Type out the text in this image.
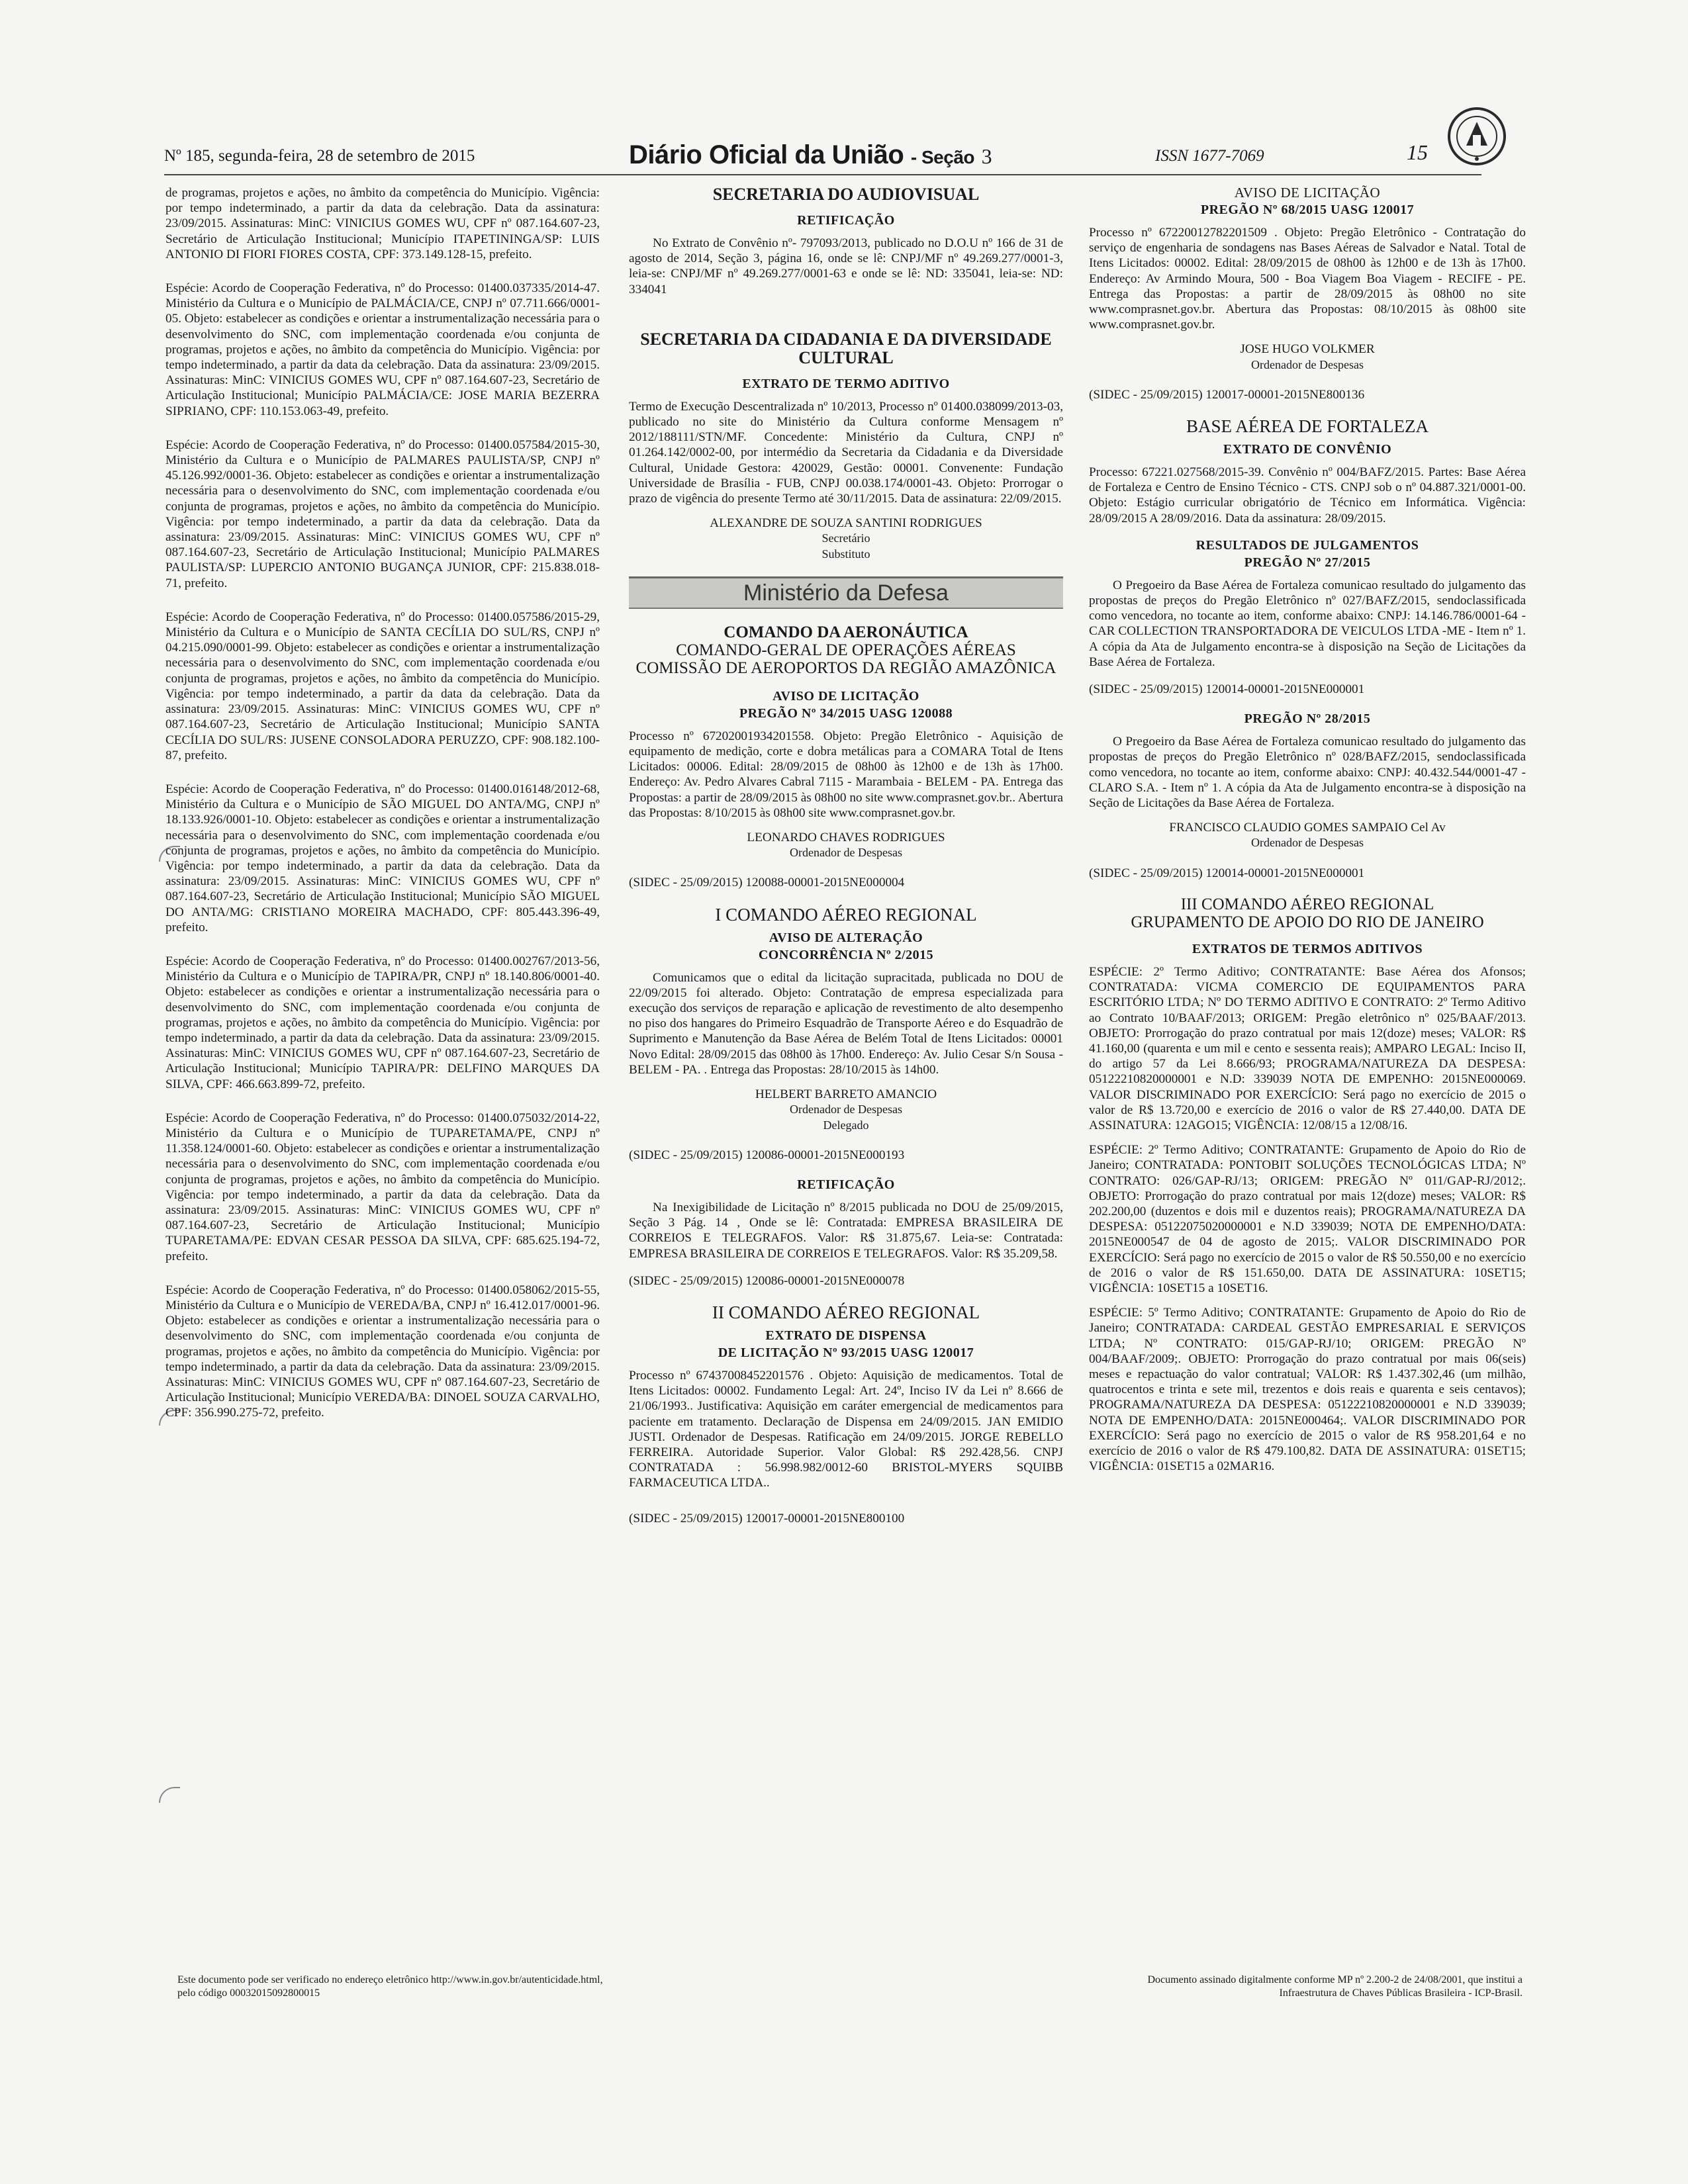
Nº 185, segunda-feira, 28 de setembro de 2015	Diário Oficial da União - Seção 3	ISSN 1677-7069	15

de programas, projetos e ações, no âmbito da competência do Município. Vigência: por tempo indeterminado, a partir da data da celebração. Data da assinatura: 23/09/2015. Assinaturas: MinC: VINICIUS GOMES WU, CPF nº 087.164.607-23, Secretário de Articulação Institucional; Município ITAPETININGA/SP: LUIS ANTONIO DI FIORI FIORES COSTA, CPF: 373.149.128-15, prefeito.

Espécie: Acordo de Cooperação Federativa, nº do Processo: 01400.037335/2014-47. Ministério da Cultura e o Município de PALMÁCIA/CE, CNPJ nº 07.711.666/0001-05. Objeto: estabelecer as condições e orientar a instrumentalização necessária para o desenvolvimento do SNC, com implementação coordenada e/ou conjunta de programas, projetos e ações, no âmbito da competência do Município. Vigência: por tempo indeterminado, a partir da data da celebração. Data da assinatura: 23/09/2015. Assinaturas: MinC: VINICIUS GOMES WU, CPF nº 087.164.607-23, Secretário de Articulação Institucional; Município PALMÁCIA/CE: JOSE MARIA BEZERRA SIPRIANO, CPF: 110.153.063-49, prefeito.

Espécie: Acordo de Cooperação Federativa, nº do Processo: 01400.057584/2015-30, Ministério da Cultura e o Município de PALMARES PAULISTA/SP, CNPJ nº 45.126.992/0001-36. Objeto: estabelecer as condições e orientar a instrumentalização necessária para o desenvolvimento do SNC, com implementação coordenada e/ou conjunta de programas, projetos e ações, no âmbito da competência do Município. Vigência: por tempo indeterminado, a partir da data da celebração. Data da assinatura: 23/09/2015. Assinaturas: MinC: VINICIUS GOMES WU, CPF nº 087.164.607-23, Secretário de Articulação Institucional; Município PALMARES PAULISTA/SP: LUPERCIO ANTONIO BUGANÇA JUNIOR, CPF: 215.838.018-71, prefeito.

Espécie: Acordo de Cooperação Federativa, nº do Processo: 01400.057586/2015-29, Ministério da Cultura e o Município de SANTA CECÍLIA DO SUL/RS, CNPJ nº 04.215.090/0001-99. Objeto: estabelecer as condições e orientar a instrumentalização necessária para o desenvolvimento do SNC, com implementação coordenada e/ou conjunta de programas, projetos e ações, no âmbito da competência do Município. Vigência: por tempo indeterminado, a partir da data da celebração. Data da assinatura: 23/09/2015. Assinaturas: MinC: VINICIUS GOMES WU, CPF nº 087.164.607-23, Secretário de Articulação Institucional; Município SANTA CECÍLIA DO SUL/RS: JUSENE CONSOLADORA PERUZZO, CPF: 908.182.100-87, prefeito.

Espécie: Acordo de Cooperação Federativa, nº do Processo: 01400.016148/2012-68, Ministério da Cultura e o Município de SÃO MIGUEL DO ANTA/MG, CNPJ nº 18.133.926/0001-10. Objeto: estabelecer as condições e orientar a instrumentalização necessária para o desenvolvimento do SNC, com implementação coordenada e/ou conjunta de programas, projetos e ações, no âmbito da competência do Município. Vigência: por tempo indeterminado, a partir da data da celebração. Data da assinatura: 23/09/2015. Assinaturas: MinC: VINICIUS GOMES WU, CPF nº 087.164.607-23, Secretário de Articulação Institucional; Município SÃO MIGUEL DO ANTA/MG: CRISTIANO MOREIRA MACHADO, CPF: 805.443.396-49, prefeito.

Espécie: Acordo de Cooperação Federativa, nº do Processo: 01400.002767/2013-56, Ministério da Cultura e o Município de TAPIRA/PR, CNPJ nº 18.140.806/0001-40. Objeto: estabelecer as condições e orientar a instrumentalização necessária para o desenvolvimento do SNC, com implementação coordenada e/ou conjunta de programas, projetos e ações, no âmbito da competência do Município. Vigência: por tempo indeterminado, a partir da data da celebração. Data da assinatura: 23/09/2015. Assinaturas: MinC: VINICIUS GOMES WU, CPF nº 087.164.607-23, Secretário de Articulação Institucional; Município TAPIRA/PR: DELFINO MARQUES DA SILVA, CPF: 466.663.899-72, prefeito.

Espécie: Acordo de Cooperação Federativa, nº do Processo: 01400.075032/2014-22, Ministério da Cultura e o Município de TUPARETAMA/PE, CNPJ nº 11.358.124/0001-60. Objeto: estabelecer as condições e orientar a instrumentalização necessária para o desenvolvimento do SNC, com implementação coordenada e/ou conjunta de programas, projetos e ações, no âmbito da competência do Município. Vigência: por tempo indeterminado, a partir da data da celebração. Data da assinatura: 23/09/2015. Assinaturas: MinC: VINICIUS GOMES WU, CPF nº 087.164.607-23, Secretário de Articulação Institucional; Município TUPARETAMA/PE: EDVAN CESAR PESSOA DA SILVA, CPF: 685.625.194-72, prefeito.

Espécie: Acordo de Cooperação Federativa, nº do Processo: 01400.058062/2015-55, Ministério da Cultura e o Município de VEREDA/BA, CNPJ nº 16.412.017/0001-96. Objeto: estabelecer as condições e orientar a instrumentalização necessária para o desenvolvimento do SNC, com implementação coordenada e/ou conjunta de programas, projetos e ações, no âmbito da competência do Município. Vigência: por tempo indeterminado, a partir da data da celebração. Data da assinatura: 23/09/2015. Assinaturas: MinC: VINICIUS GOMES WU, CPF nº 087.164.607-23, Secretário de Articulação Institucional; Município VEREDA/BA: DINOEL SOUZA CARVALHO, CPF: 356.990.275-72, prefeito.

SECRETARIA DO AUDIOVISUAL
RETIFICAÇÃO

No Extrato de Convênio nº- 797093/2013, publicado no D.O.U nº 166 de 31 de agosto de 2014, Seção 3, página 16, onde se lê: CNPJ/MF nº 49.269.277/0001-3, leia-se: CNPJ/MF nº 49.269.277/0001-63 e onde se lê: ND: 335041, leia-se: ND: 334041

SECRETARIA DA CIDADANIA E DA DIVERSIDADE CULTURAL
EXTRATO DE TERMO ADITIVO

Termo de Execução Descentralizada nº 10/2013, Processo nº 01400.038099/2013-03, publicado no site do Ministério da Cultura conforme Mensagem nº 2012/188111/STN/MF. Concedente: Ministério da Cultura, CNPJ nº 01.264.142/0002-00, por intermédio da Secretaria da Cidadania e da Diversidade Cultural, Unidade Gestora: 420029, Gestão: 00001. Convenente: Fundação Universidade de Brasília - FUB, CNPJ 00.038.174/0001-43. Objeto: Prorrogar o prazo de vigência do presente Termo até 30/11/2015. Data de assinatura: 22/09/2015.

ALEXANDRE DE SOUZA SANTINI RODRIGUES
Secretário
Substituto
Ministério da Defesa
COMANDO DA AERONÁUTICA
COMANDO-GERAL DE OPERAÇÕES AÉREAS
COMISSÃO DE AEROPORTOS DA REGIÃO AMAZÔNICA
AVISO DE LICITAÇÃO
PREGÃO Nº 34/2015 UASG 120088

Processo nº 67202001934201558. Objeto: Pregão Eletrônico - Aquisição de equipamento de medição, corte e dobra metálicas para a COMARA Total de Itens Licitados: 00006. Edital: 28/09/2015 de 08h00 às 12h00 e de 13h às 17h00. Endereço: Av. Pedro Alvares Cabral 7115 - Marambaia - BELEM - PA. Entrega das Propostas: a partir de 28/09/2015 às 08h00 no site www.comprasnet.gov.br.. Abertura das Propostas: 8/10/2015 às 08h00 site www.comprasnet.gov.br.

LEONARDO CHAVES RODRIGUES
Ordenador de Despesas
(SIDEC - 25/09/2015) 120088-00001-2015NE000004
I COMANDO AÉREO REGIONAL
AVISO DE ALTERAÇÃO
CONCORRÊNCIA Nº 2/2015

Comunicamos que o edital da licitação supracitada, publicada no DOU de 22/09/2015 foi alterado. Objeto: Contratação de empresa especializada para execução dos serviços de reparação e aplicação de revestimento de alto desempenho no piso dos hangares do Primeiro Esquadrão de Transporte Aéreo e do Esquadrão de Suprimento e Manutenção da Base Aérea de Belém Total de Itens Licitados: 00001 Novo Edital: 28/09/2015 das 08h00 às 17h00. Endereço: Av. Julio Cesar S/n Sousa - BELEM - PA. . Entrega das Propostas: 28/10/2015 às 14h00.

HELBERT BARRETO AMANCIO
Ordenador de Despesas
Delegado
(SIDEC - 25/09/2015) 120086-00001-2015NE000193
RETIFICAÇÃO

Na Inexigibilidade de Licitação nº 8/2015 publicada no DOU de 25/09/2015, Seção 3 Pág. 14 , Onde se lê: Contratada: EMPRESA BRASILEIRA DE CORREIOS E TELEGRAFOS. Valor: R$ 31.875,67. Leia-se: Contratada: EMPRESA BRASILEIRA DE CORREIOS E TELEGRAFOS. Valor: R$ 35.209,58.

(SIDEC - 25/09/2015) 120086-00001-2015NE000078
II COMANDO AÉREO REGIONAL
EXTRATO DE DISPENSA
DE LICITAÇÃO Nº 93/2015 UASG 120017

Processo nº 67437008452201576 . Objeto: Aquisição de medicamentos. Total de Itens Licitados: 00002. Fundamento Legal: Art. 24º, Inciso IV da Lei nº 8.666 de 21/06/1993.. Justificativa: Aquisição em caráter emergencial de medicamentos para paciente em tratamento. Declaração de Dispensa em 24/09/2015. JAN EMIDIO JUSTI. Ordenador de Despesas. Ratificação em 24/09/2015. JORGE REBELLO FERREIRA. Autoridade Superior. Valor Global: R$ 292.428,56. CNPJ CONTRATADA : 56.998.982/0012-60 BRISTOL-MYERS SQUIBB FARMACEUTICA LTDA..

(SIDEC - 25/09/2015) 120017-00001-2015NE800100
AVISO DE LICITAÇÃO
PREGÃO Nº 68/2015 UASG 120017

Processo nº 67220012782201509 . Objeto: Pregão Eletrônico - Contratação do serviço de engenharia de sondagens nas Bases Aéreas de Salvador e Natal. Total de Itens Licitados: 00002. Edital: 28/09/2015 de 08h00 às 12h00 e de 13h às 17h00. Endereço: Av Armindo Moura, 500 - Boa Viagem Boa Viagem - RECIFE - PE. Entrega das Propostas: a partir de 28/09/2015 às 08h00 no site www.comprasnet.gov.br. Abertura das Propostas: 08/10/2015 às 08h00 site www.comprasnet.gov.br.

JOSE HUGO VOLKMER
Ordenador de Despesas
(SIDEC - 25/09/2015) 120017-00001-2015NE800136
BASE AÉREA DE FORTALEZA
EXTRATO DE CONVÊNIO

Processo: 67221.027568/2015-39. Convênio nº 004/BAFZ/2015. Partes: Base Aérea de Fortaleza e Centro de Ensino Técnico - CTS. CNPJ sob o nº 04.887.321/0001-00. Objeto: Estágio curricular obrigatório de Técnico em Informática. Vigência: 28/09/2015 A 28/09/2016. Data da assinatura: 28/09/2015.

RESULTADOS DE JULGAMENTOS
PREGÃO Nº 27/2015

O Pregoeiro da Base Aérea de Fortaleza comunicao resultado do julgamento das propostas de preços do Pregão Eletrônico nº 027/BAFZ/2015, sendoclassificada como vencedora, no tocante ao item, conforme abaixo: CNPJ: 14.146.786/0001-64 - CAR COLLECTION TRANSPORTADORA DE VEICULOS LTDA -ME - Item nº 1. A cópia da Ata de Julgamento encontra-se à disposição na Seção de Licitações da Base Aérea de Fortaleza.

(SIDEC - 25/09/2015) 120014-00001-2015NE000001
PREGÃO Nº 28/2015

O Pregoeiro da Base Aérea de Fortaleza comunicao resultado do julgamento das propostas de preços do Pregão Eletrônico nº 028/BAFZ/2015, sendoclassificada como vencedora, no tocante ao item, conforme abaixo: CNPJ: 40.432.544/0001-47 - CLARO S.A. - Item nº 1. A cópia da Ata de Julgamento encontra-se à disposição na Seção de Licitações da Base Aérea de Fortaleza.

FRANCISCO CLAUDIO GOMES SAMPAIO Cel Av
Ordenador de Despesas
(SIDEC - 25/09/2015) 120014-00001-2015NE000001
III COMANDO AÉREO REGIONAL
GRUPAMENTO DE APOIO DO RIO DE JANEIRO
EXTRATOS DE TERMOS ADITIVOS

ESPÉCIE: 2º Termo Aditivo; CONTRATANTE: Base Aérea dos Afonsos; CONTRATADA: VICMA COMERCIO DE EQUIPAMENTOS PARA ESCRITÓRIO LTDA; Nº DO TERMO ADITIVO E CONTRATO: 2º Termo Aditivo ao Contrato 10/BAAF/2013; ORIGEM: Pregão eletrônico nº 025/BAAF/2013. OBJETO: Prorrogação do prazo contratual por mais 12(doze) meses; VALOR: R$ 41.160,00 (quarenta e um mil e cento e sessenta reais); AMPARO LEGAL: Inciso II, do artigo 57 da Lei 8.666/93; PROGRAMA/NATUREZA DA DESPESA: 05122210820000001 e N.D: 339039 NOTA DE EMPENHO: 2015NE000069. VALOR DISCRIMINADO POR EXERCÍCIO: Será pago no exercício de 2015 o valor de R$ 13.720,00 e exercício de 2016 o valor de R$ 27.440,00. DATA DE ASSINATURA: 12AGO15; VIGÊNCIA: 12/08/15 a 12/08/16.

ESPÉCIE: 2º Termo Aditivo; CONTRATANTE: Grupamento de Apoio do Rio de Janeiro; CONTRATADA: PONTOBIT SOLUÇÕES TECNOLÓGICAS LTDA; Nº CONTRATO: 026/GAP-RJ/13; ORIGEM: PREGÃO Nº 011/GAP-RJ/2012;. OBJETO: Prorrogação do prazo contratual por mais 12(doze) meses; VALOR: R$ 202.200,00 (duzentos e dois mil e duzentos reais); PROGRAMA/NATUREZA DA DESPESA: 05122075020000001 e N.D 339039; NOTA DE EMPENHO/DATA: 2015NE000547 de 04 de agosto de 2015;. VALOR DISCRIMINADO POR EXERCÍCIO: Será pago no exercício de 2015 o valor de R$ 50.550,00 e no exercício de 2016 o valor de R$ 151.650,00. DATA DE ASSINATURA: 10SET15; VIGÊNCIA: 10SET15 a 10SET16.

ESPÉCIE: 5º Termo Aditivo; CONTRATANTE: Grupamento de Apoio do Rio de Janeiro; CONTRATADA: CARDEAL GESTÃO EMPRESARIAL E SERVIÇOS LTDA; Nº CONTRATO: 015/GAP-RJ/10; ORIGEM: PREGÃO Nº 004/BAAF/2009;. OBJETO: Prorrogação do prazo contratual por mais 06(seis) meses e repactuação do valor contratual; VALOR: R$ 1.437.302,46 (um milhão, quatrocentos e trinta e sete mil, trezentos e dois reais e quarenta e seis centavos); PROGRAMA/NATUREZA DA DESPESA: 05122210820000001 e N.D 339039; NOTA DE EMPENHO/DATA: 2015NE000464;. VALOR DISCRIMINADO POR EXERCÍCIO: Será pago no exercício de 2015 o valor de R$ 958.201,64 e no exercício de 2016 o valor de R$ 479.100,82. DATA DE ASSINATURA: 01SET15; VIGÊNCIA: 01SET15 a 02MAR16.

Este documento pode ser verificado no endereço eletrônico http://www.in.gov.br/autenticidade.html,
pelo código 00032015092800015
Documento assinado digitalmente conforme MP nº 2.200-2 de 24/08/2001, que institui a
Infraestrutura de Chaves Públicas Brasileira - ICP-Brasil.
